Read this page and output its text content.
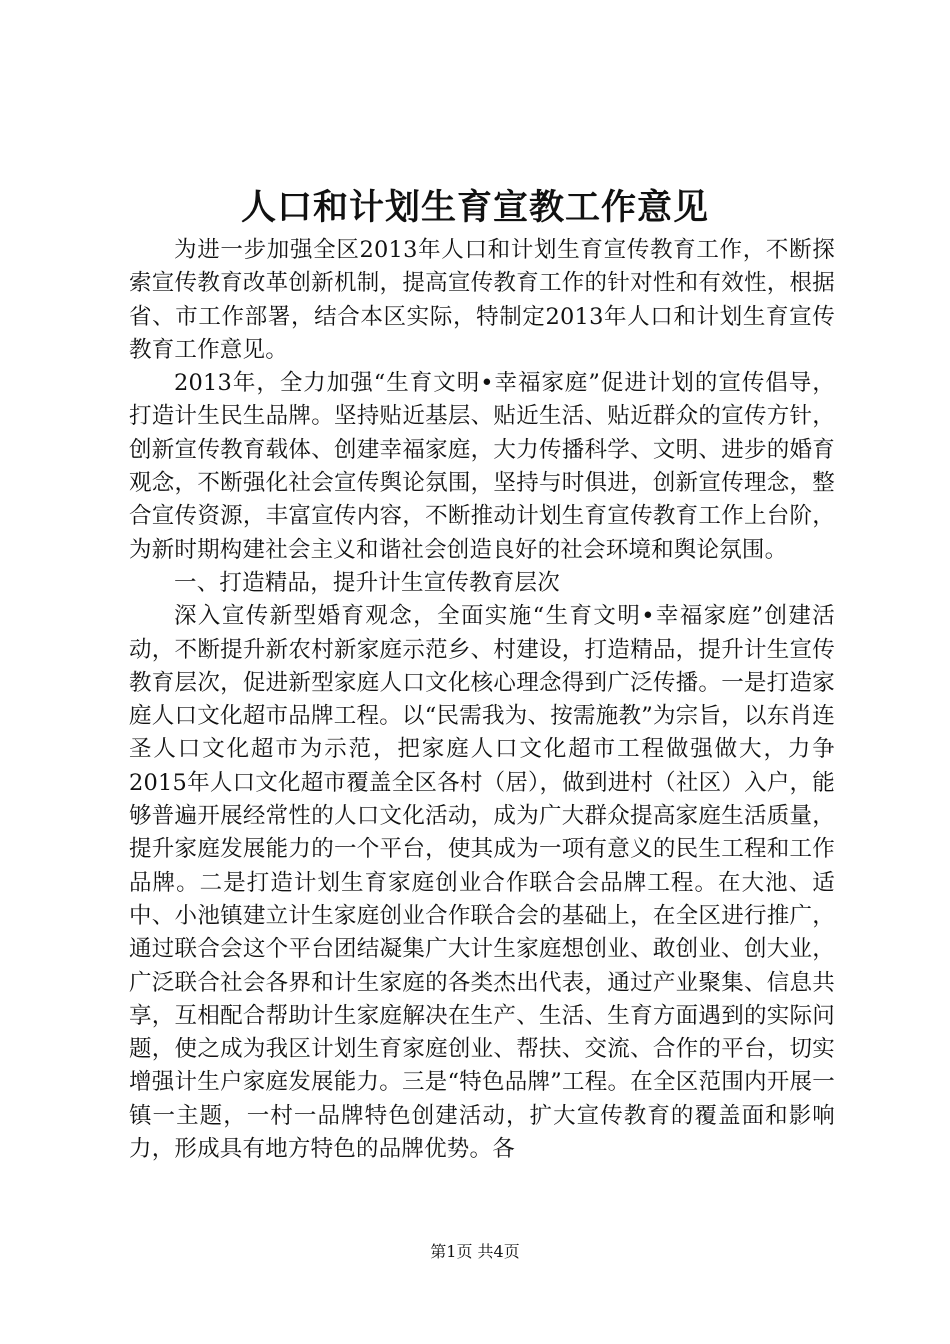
人口和计划生育宣教工作意见

为进一步加强全区2013年人口和计划生育宣传教育工作，不断探索宣传教育改革创新机制，提高宣传教育工作的针对性和有效性，根据省、市工作部署，结合本区实际，特制定2013年人口和计划生育宣传教育工作意见。

2013年，全力加强“生育文明•幸福家庭”促进计划的宣传倡导，打造计生民生品牌。坚持贴近基层、贴近生活、贴近群众的宣传方针，创新宣传教育载体、创建幸福家庭，大力传播科学、文明、进步的婚育观念，不断强化社会宣传舆论氛围，坚持与时俱进，创新宣传理念，整合宣传资源，丰富宣传内容，不断推动计划生育宣传教育工作上台阶，为新时期构建社会主义和谐社会创造良好的社会环境和舆论氛围。

一、打造精品，提升计生宣传教育层次

深入宣传新型婚育观念，全面实施“生育文明•幸福家庭”创建活动，不断提升新农村新家庭示范乡、村建设，打造精品，提升计生宣传教育层次，促进新型家庭人口文化核心理念得到广泛传播。一是打造家庭人口文化超市品牌工程。以“民需我为、按需施教”为宗旨，以东肖连圣人口文化超市为示范，把家庭人口文化超市工程做强做大，力争2015年人口文化超市覆盖全区各村（居），做到进村（社区）入户，能够普遍开展经常性的人口文化活动，成为广大群众提高家庭生活质量，提升家庭发展能力的一个平台，使其成为一项有意义的民生工程和工作品牌。二是打造计划生育家庭创业合作联合会品牌工程。在大池、适中、小池镇建立计生家庭创业合作联合会的基础上，在全区进行推广，通过联合会这个平台团结凝集广大计生家庭想创业、敢创业、创大业，广泛联合社会各界和计生家庭的各类杰出代表，通过产业聚集、信息共享，互相配合帮助计生家庭解决在生产、生活、生育方面遇到的实际问题，使之成为我区计划生育家庭创业、帮扶、交流、合作的平台，切实增强计生户家庭发展能力。三是“特色品牌”工程。在全区范围内开展一镇一主题，一村一品牌特色创建活动，扩大宣传教育的覆盖面和影响力，形成具有地方特色的品牌优势。各

第1页 共4页
